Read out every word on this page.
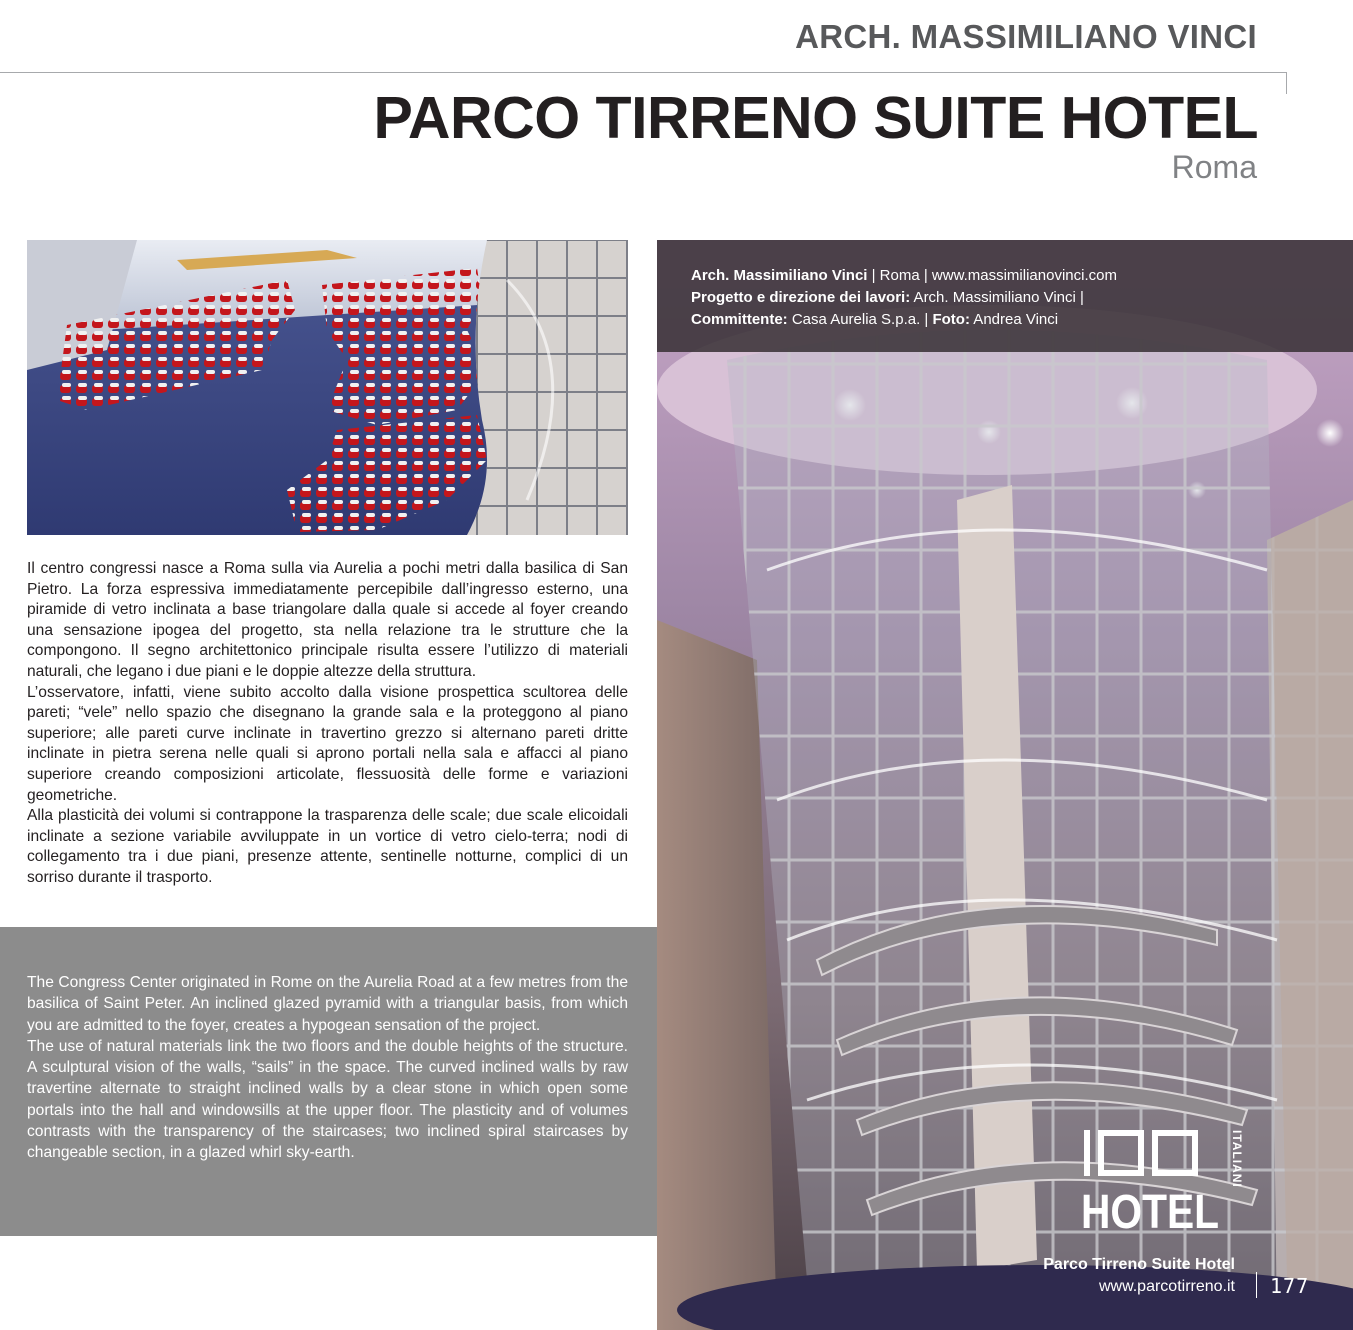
ARCH. MASSIMILIANO VINCI
PARCO TIRRENO SUITE HOTEL
Roma

Il centro congressi nasce a Roma sulla via Aurelia a pochi metri dalla basilica di San Pietro. La forza espressiva immediatamente percepibile dall’ingresso esterno, una piramide di vetro inclinata a base triangolare dalla quale si accede al foyer creando una sensazione ipogea del progetto, sta nella relazione tra le strutture che la compongono. Il segno architettonico principale risulta essere l’utilizzo di materiali naturali, che legano i due piani e le doppie altezze della struttura.

L’osservatore, infatti, viene subito accolto dalla visione prospettica scultorea delle pareti; “vele” nello spazio che disegnano la grande sala e la proteggono al piano superiore; alle pareti curve inclinate in travertino grezzo si alternano pareti dritte inclinate in pietra serena nelle quali si aprono portali nella sala e affacci al piano superiore creando composizioni articolate, flessuosità delle forme e variazioni geometriche.

Alla plasticità dei volumi si contrappone la trasparenza delle scale; due scale elicoidali inclinate a sezione variabile avviluppate in un vortice di vetro cielo-terra; nodi di collegamento tra i due piani, presenze attente, sentinelle notturne, complici di un sorriso durante il trasporto.

The Congress Center originated in Rome on the Aurelia Road at a few metres from the basilica of Saint Peter. An inclined glazed pyramid with a triangular basis, from which you are admitted to the foyer, creates a hypogean sensation of the project.

The use of natural materials link the two floors and the double heights of the structure. A sculptural vision of the walls, “sails” in the space. The curved inclined walls by raw travertine alternate to straight inclined walls by a clear stone in which open some portals into the hall and windowsills at the upper floor. The plasticity and of volumes contrasts with the transparency of the staircases; two inclined spiral staircases by changeable section, in a glazed whirl sky-earth.

Arch. Massimiliano Vinci | Roma | www.massimilianovinci.com
Progetto e direzione dei lavori: Arch. Massimiliano Vinci |
Committente: Casa Aurelia S.p.a. | Foto: Andrea Vinci
HOTEL
ITALIANI
Parco Tirreno Suite Hotel
www.parcotirreno.it 177
